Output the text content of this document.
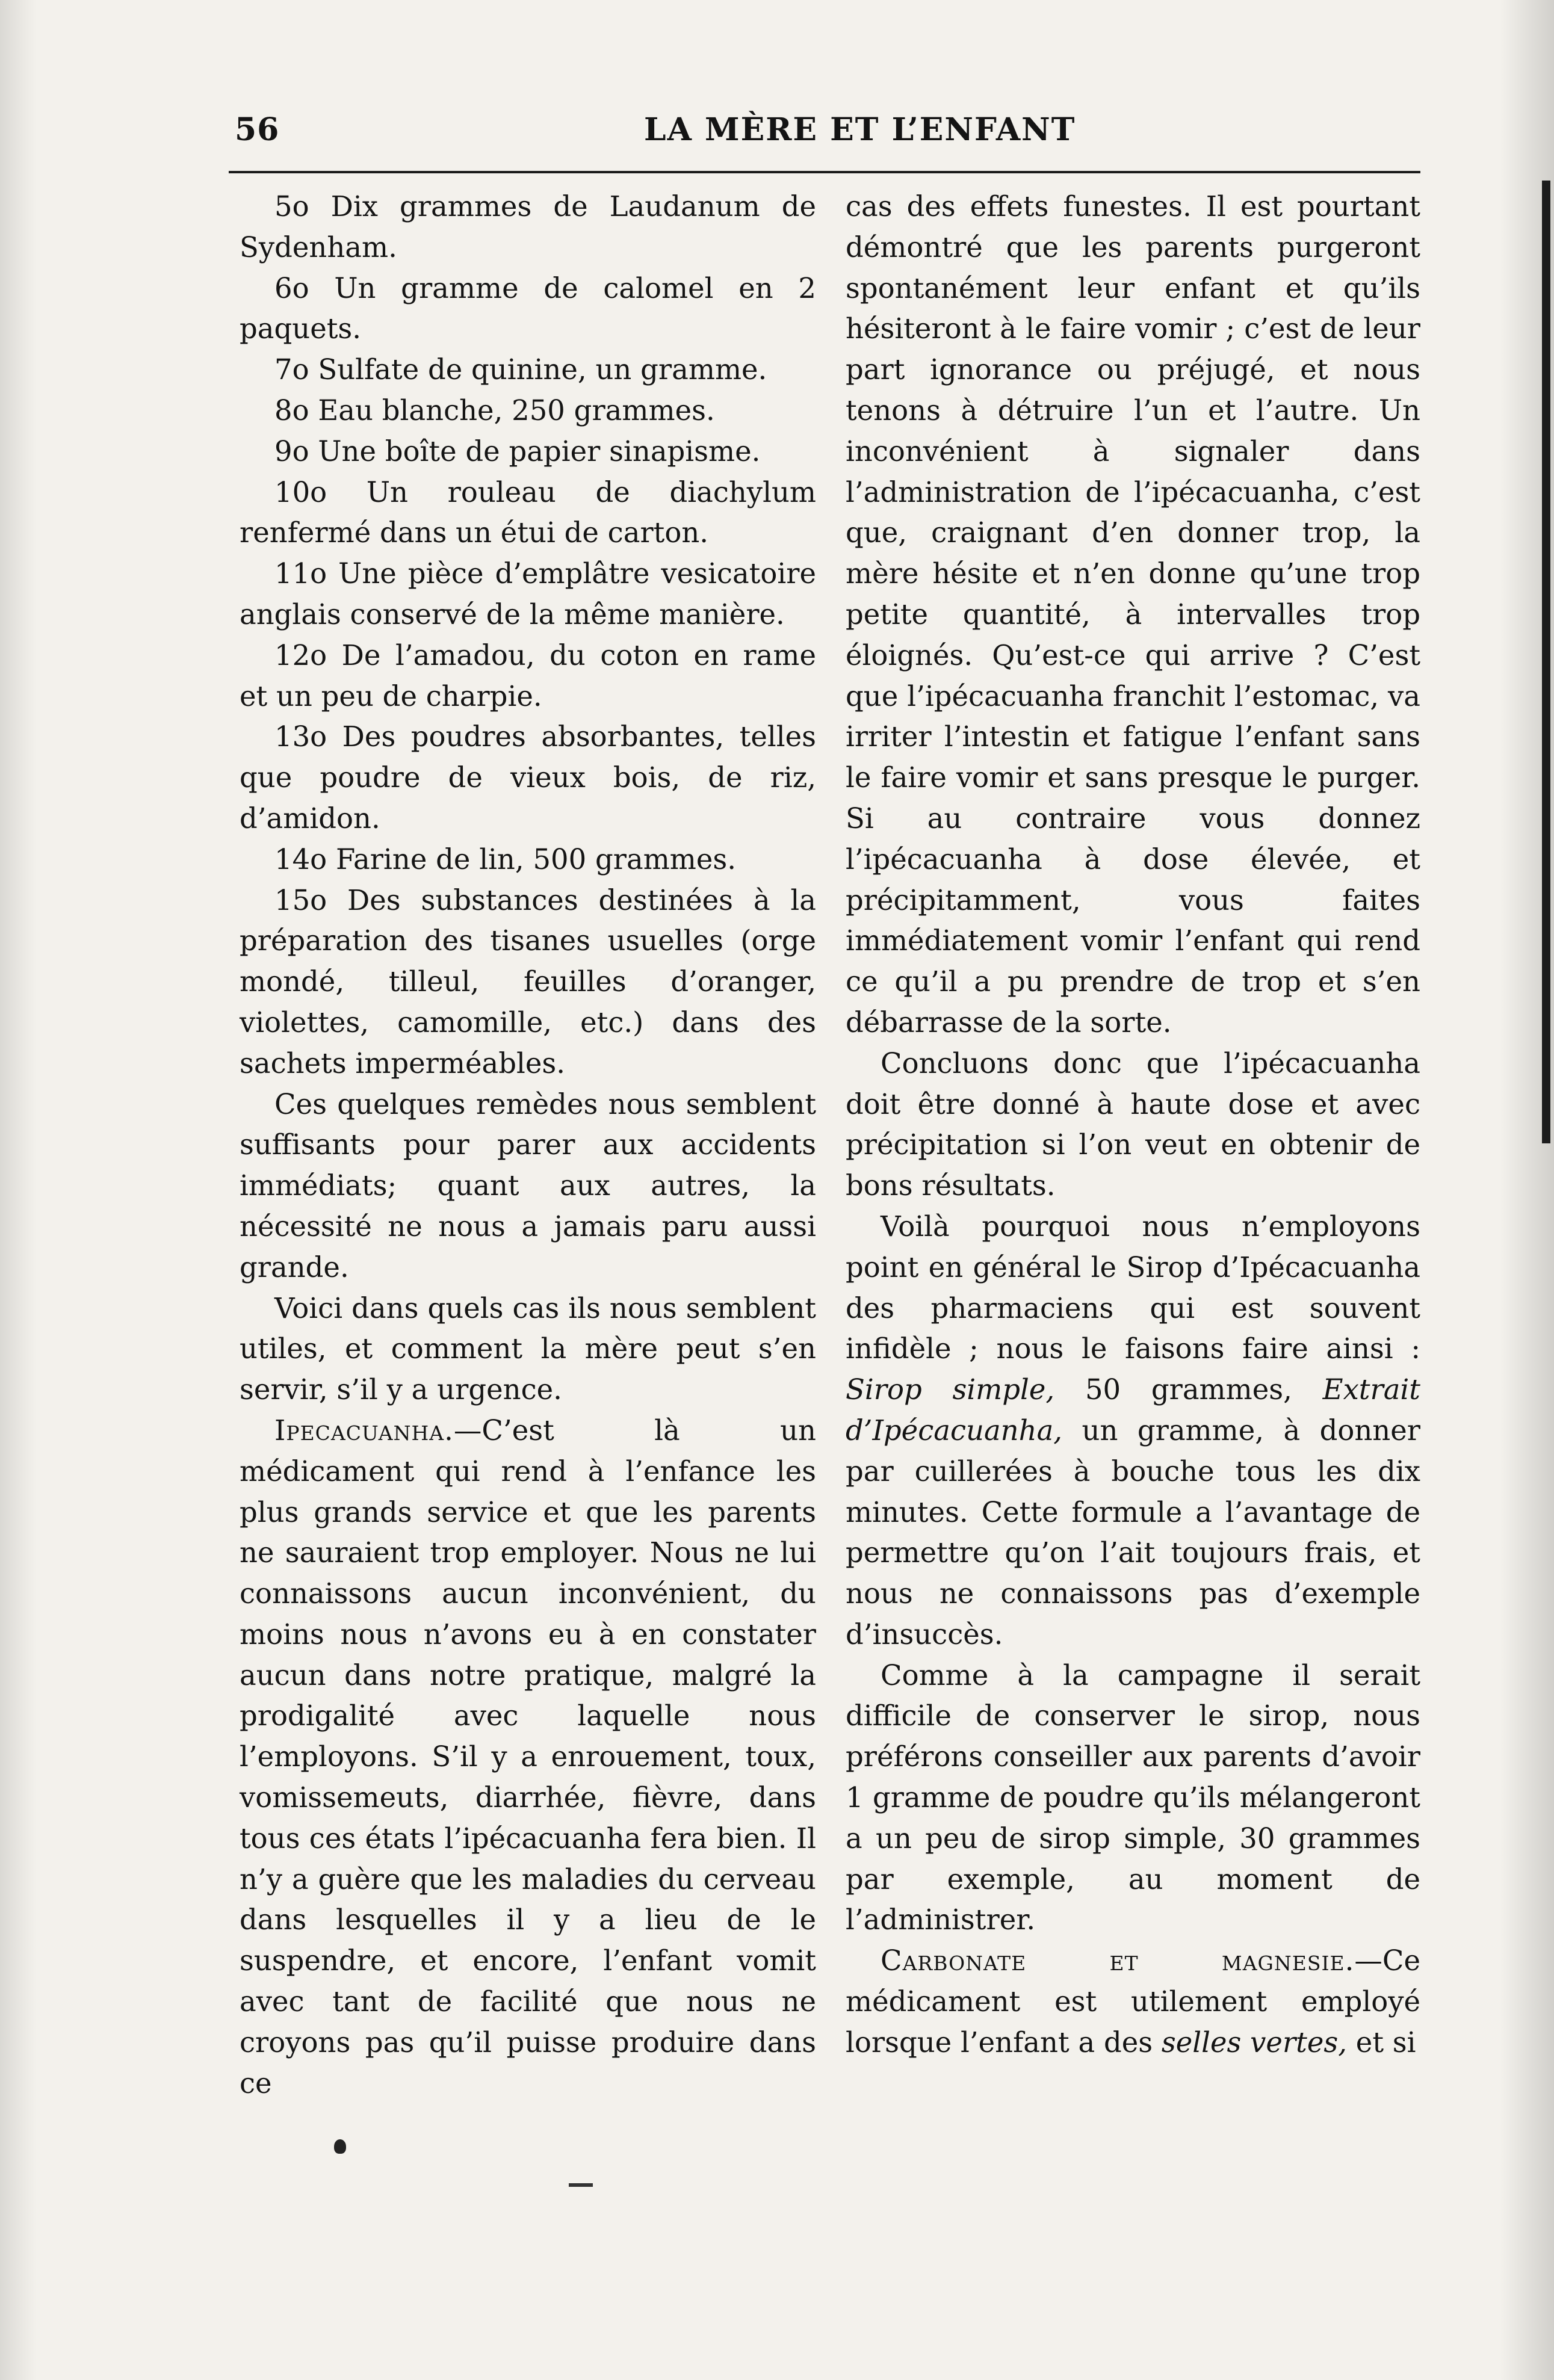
56	LA MÈRE ET L’ENFANT

5o Dix grammes de Laudanum de Sydenham.

6o Un gramme de calomel en 2 paquets.

7o Sulfate de quinine, un gramme.

8o Eau blanche, 250 grammes.

9o Une boîte de papier sinapisme.

10o Un rouleau de diachylum renfermé dans un étui de carton.

11o Une pièce d’emplâtre vesicatoire anglais conservé de la même manière.

12o De l’amadou, du coton en rame et un peu de charpie.

13o Des poudres absorbantes, telles que poudre de vieux bois, de riz, d’amidon.

14o Farine de lin, 500 grammes.

15o Des substances destinées à la préparation des tisanes usuelles (orge mondé, tilleul, feuilles d’oranger, violettes, camomille, etc.) dans des sachets imperméables.

Ces quelques remèdes nous semblent suffisants pour parer aux accidents immédiats; quant aux autres, la nécessité ne nous a jamais paru aussi grande.

Voici dans quels cas ils nous semblent utiles, et comment la mère peut s’en servir, s’il y a urgence.

Ipecacuanha.—C’est là un médicament qui rend à l’enfance les plus grands service et que les parents ne sauraient trop employer. Nous ne lui connaissons aucun inconvénient, du moins nous n’avons eu à en constater aucun dans notre pratique, malgré la prodigalité avec laquelle nous l’employons. S’il y a enrouement, toux, vomissemeuts, diarrhée, fièvre, dans tous ces états l’ipécacuanha fera bien. Il n’y a guère que les maladies du cerveau dans lesquelles il y a lieu de le suspendre, et encore, l’enfant vomit avec tant de facilité que nous ne croyons pas qu’il puisse produire dans ce

cas des effets funestes. Il est pourtant démontré que les parents purgeront spontanément leur enfant et qu’ils hésiteront à le faire vomir ; c’est de leur part ignorance ou préjugé, et nous tenons à détruire l’un et l’autre. Un inconvénient à signaler dans l’administration de l’ipécacuanha, c’est que, craignant d’en donner trop, la mère hésite et n’en donne qu’une trop petite quantité, à intervalles trop éloignés. Qu’est-ce qui arrive ? C’est que l’ipécacuanha franchit l’estomac, va irriter l’intestin et fatigue l’enfant sans le faire vomir et sans presque le purger. Si au contraire vous donnez l’ipécacuanha à dose élevée, et précipitamment, vous faites immédiatement vomir l’enfant qui rend ce qu’il a pu prendre de trop et s’en débarrasse de la sorte.

Concluons donc que l’ipécacuanha doit être donné à haute dose et avec précipitation si l’on veut en obtenir de bons résultats.

Voilà pourquoi nous n’employons point en général le Sirop d’Ipécacuanha des pharmaciens qui est souvent infidèle ; nous le faisons faire ainsi : Sirop simple, 50 grammes, Extrait d’Ipécacuanha, un gramme, à donner par cuillerées à bouche tous les dix minutes. Cette formule a l’avantage de permettre qu’on l’ait toujours frais, et nous ne connaissons pas d’exemple d’insuccès.

Comme à la campagne il serait difficile de conserver le sirop, nous préférons conseiller aux parents d’avoir 1 gramme de poudre qu’ils mélangeront a un peu de sirop simple, 30 grammes par exemple, au moment de l’administrer.

Carbonate et magnesie.—Ce médicament est utilement employé lorsque l’enfant a des selles vertes, et si
